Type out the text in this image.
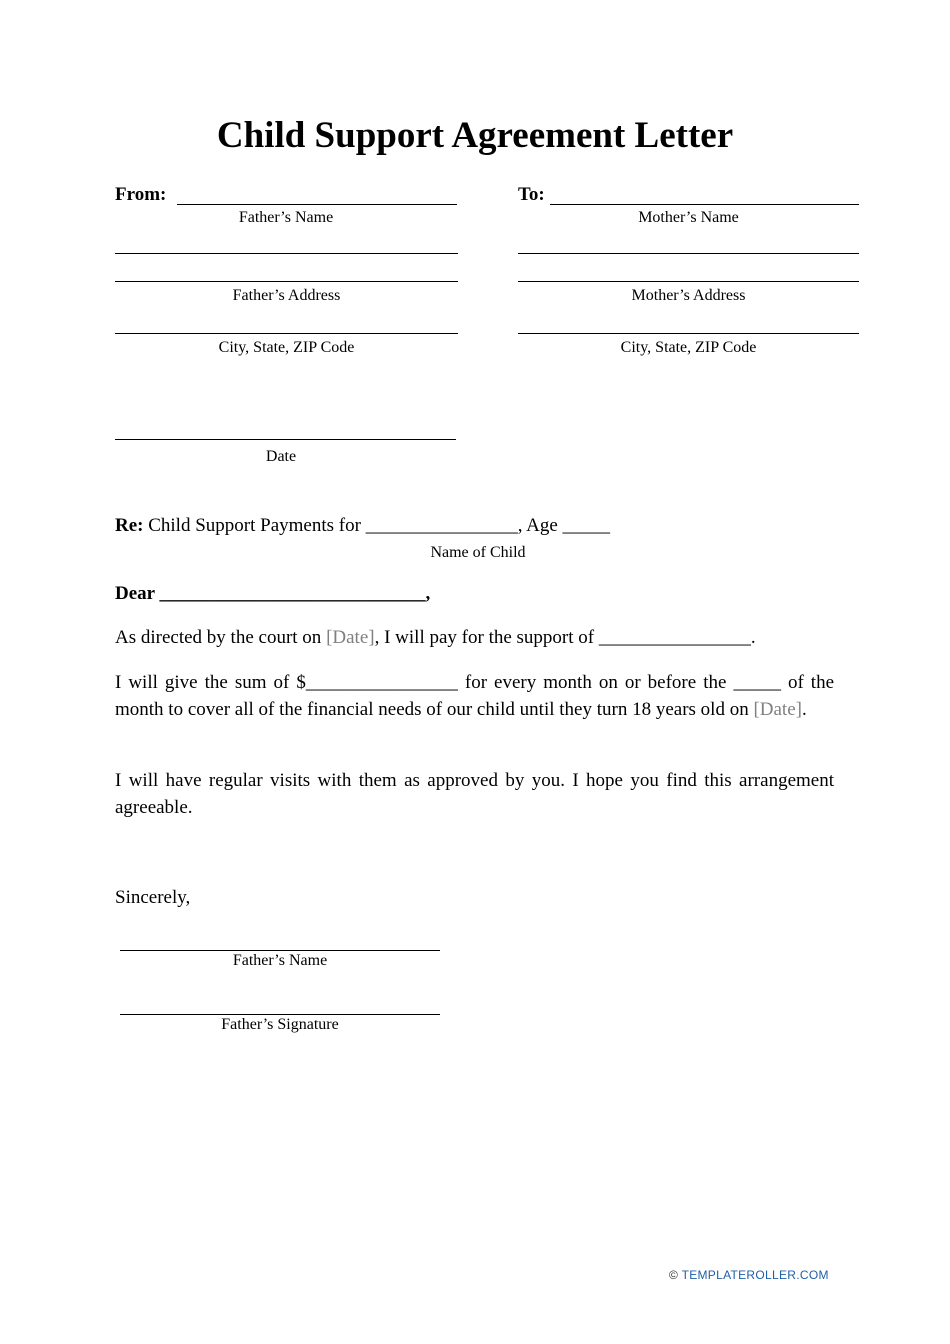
Child Support Agreement Letter
From:
Father’s Name
Father’s Address
City, State, ZIP Code
Date
To:
Mother’s Name
Mother’s Address
City, State, ZIP Code
Re: Child Support Payments for ________________, Age _____
Name of Child
Dear ____________________________,
As directed by the court on [Date], I will pay for the support of ________________.
I will give the sum of $________________ for every month on or before the _____ of the month to cover all of the financial needs of our child until they turn 18 years old on [Date].
I will have regular visits with them as approved by you. I hope you find this arrangement agreeable.
Sincerely,
Father’s Name
Father’s Signature
© TEMPLATEROLLER.COM
